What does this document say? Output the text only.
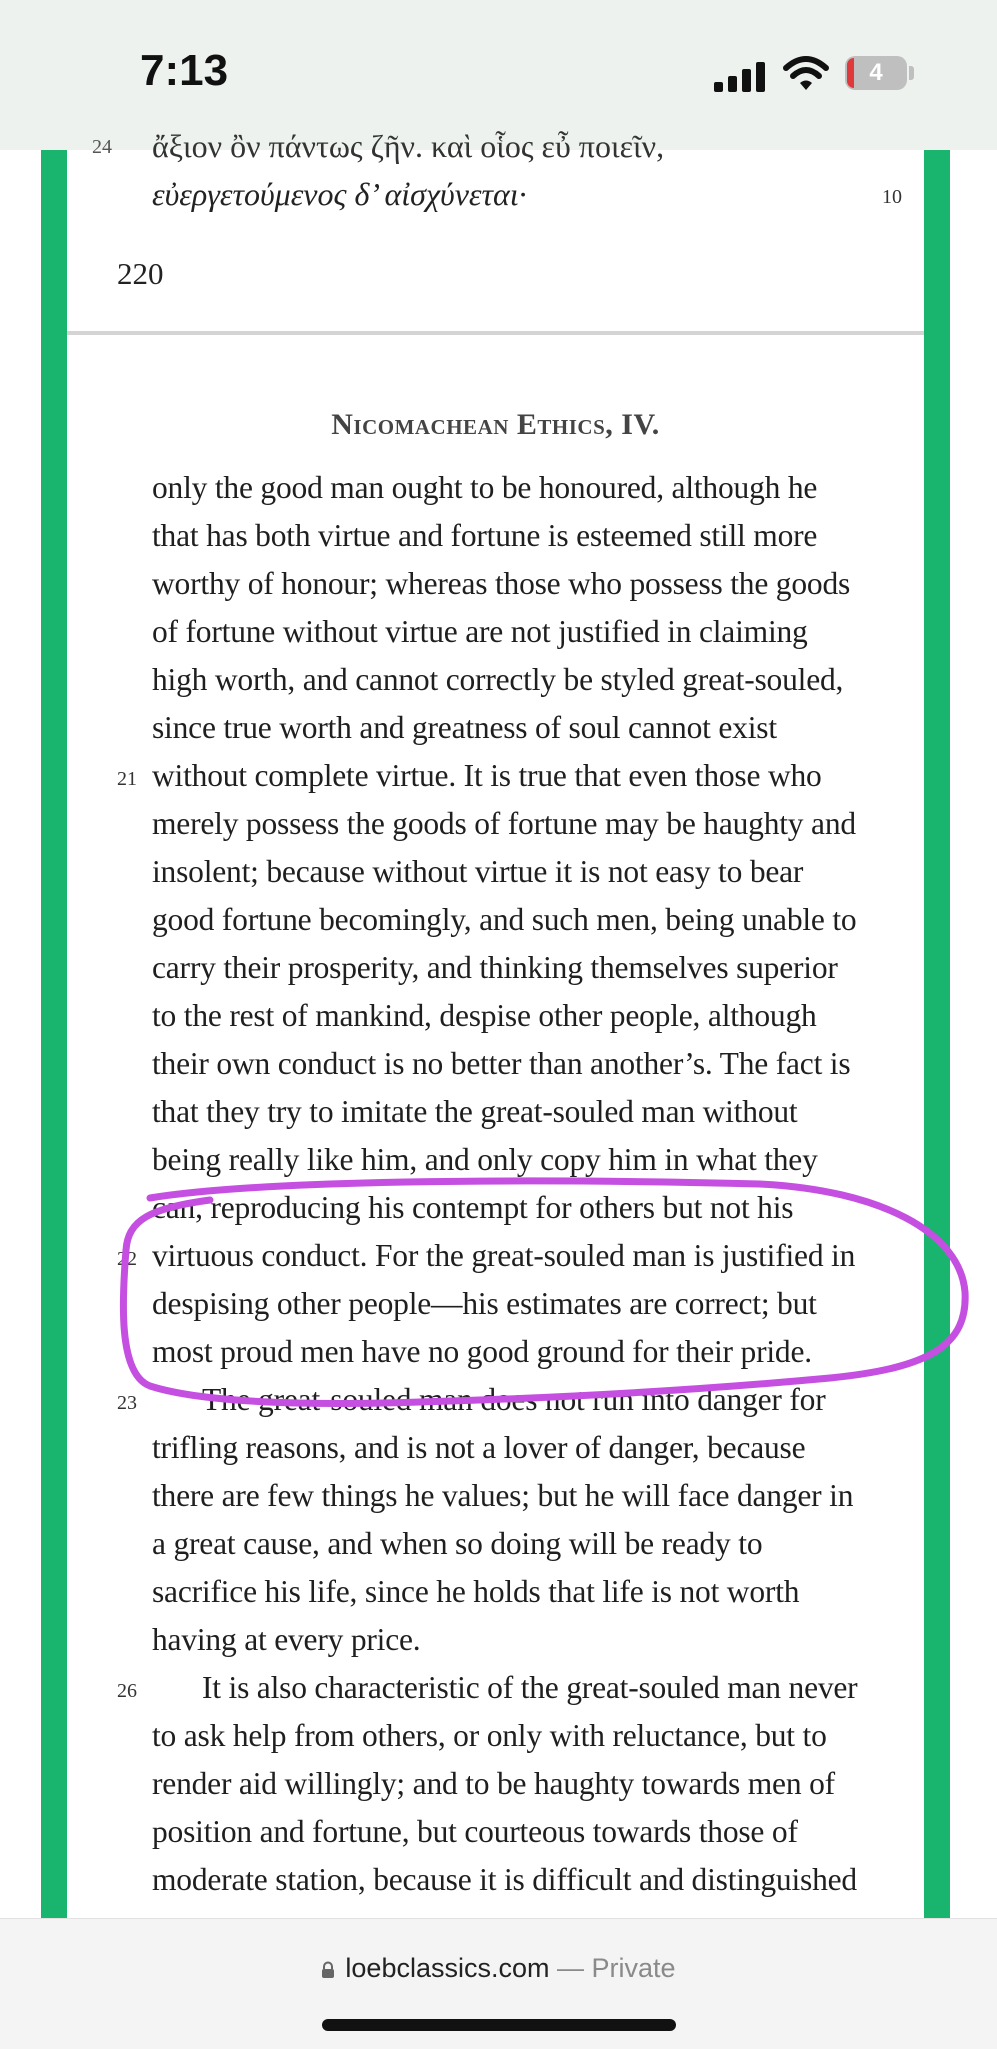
7:13	4
24 ἄξιον ὂν πάντως ζῆν. καὶ οἷος εὖ ποιεῖν,
εὐεργετούμενος δ’ αἰσχύνεται·	10
220
Nicomachean Ethics, IV.
only the good man ought to be honoured, although he
that has both virtue and fortune is esteemed still more
worthy of honour; whereas those who possess the goods
of fortune without virtue are not justified in claiming
high worth, and cannot correctly be styled great-souled,
since true worth and greatness of soul cannot exist
21 without complete virtue. It is true that even those who
merely possess the goods of fortune may be haughty and
insolent; because without virtue it is not easy to bear
good fortune becomingly, and such men, being unable to
carry their prosperity, and thinking themselves superior
to the rest of mankind, despise other people, although
their own conduct is no better than another’s. The fact is
that they try to imitate the great-souled man without
being really like him, and only copy him in what they
can, reproducing his contempt for others but not his
22 virtuous conduct. For the great-souled man is justified in
despising other people—his estimates are correct; but
most proud men have no good ground for their pride.
23 The great-souled man does not run into danger for
trifling reasons, and is not a lover of danger, because
there are few things he values; but he will face danger in
a great cause, and when so doing will be ready to
sacrifice his life, since he holds that life is not worth
having at every price.
26 It is also characteristic of the great-souled man never
to ask help from others, or only with reluctance, but to
render aid willingly; and to be haughty towards men of
position and fortune, but courteous towards those of
moderate station, because it is difficult and distinguished
loebclassics.com — Private
